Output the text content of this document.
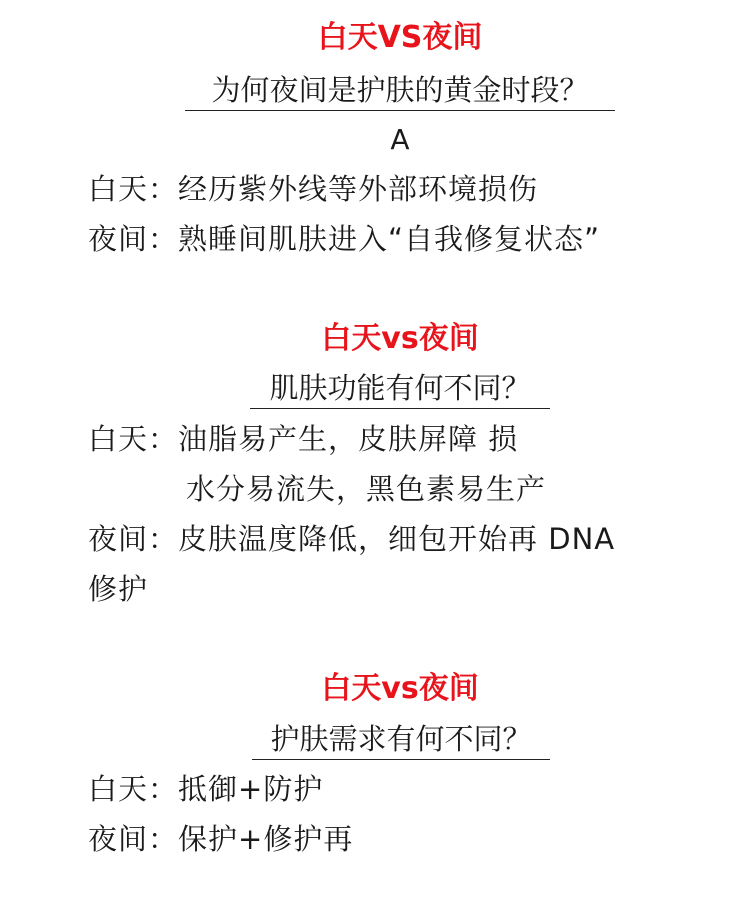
白天VS夜间

为何夜间是护肤的黄金时段？

A
白天：经历紫外线等外部环境损伤
夜间：熟睡间肌肤进入“自我修复状态”
白天vs夜间

肌肤功能有何不同？

白天：油脂易产生，皮肤屏障 损
水分易流失，黑色素易生产
夜间：皮肤温度降低，细包开始再 DNA
修护
白天vs夜间

护肤需求有何不同？

白天：抵御+防护
夜间：保护+修护再
